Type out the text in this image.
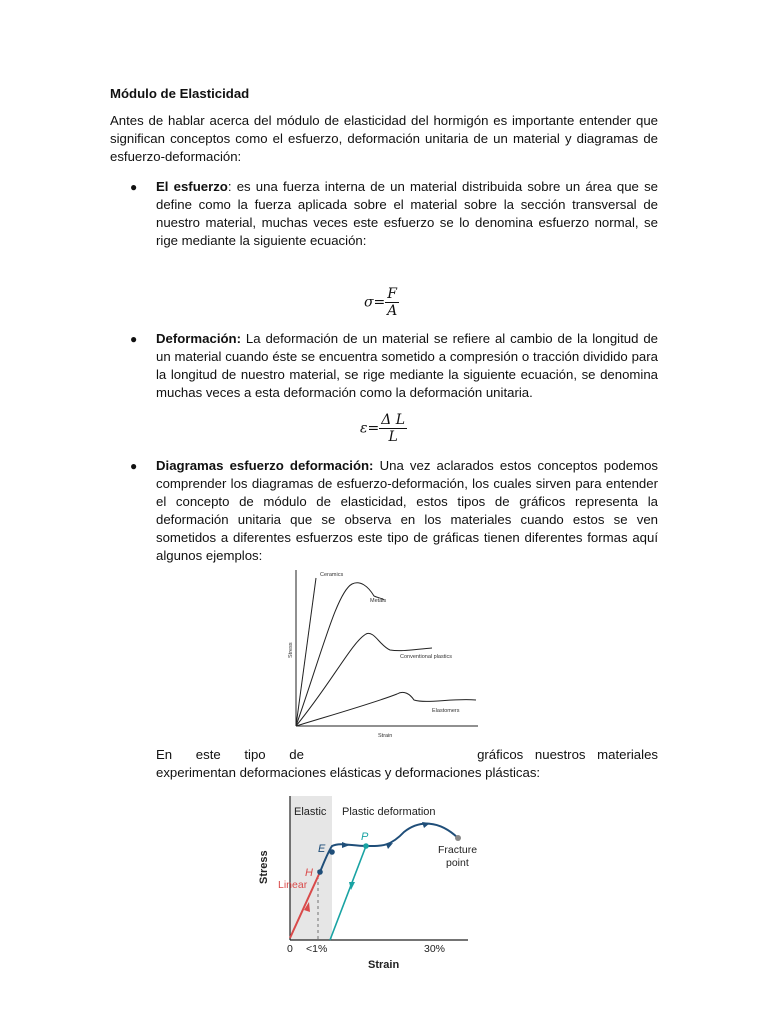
Módulo de Elasticidad
Antes de hablar acerca del módulo de elasticidad del hormigón es importante entender que significan conceptos como el esfuerzo, deformación unitaria de un material y diagramas de esfuerzo-deformación:
● El esfuerzo: es una fuerza interna de un material distribuida sobre un área que se define como la fuerza aplicada sobre el material sobre la sección transversal de nuestro material, muchas veces este esfuerzo se lo denomina esfuerzo normal, se rige mediante la siguiente ecuación:
$\sigma= \frac{F}{A}$
● Deformación: La deformación de un material se refiere al cambio de la longitud de un material cuando éste se encuentra sometido a compresión o tracción dividido para la longitud de nuestro material, se rige mediante la siguiente ecuación, se denomina muchas veces a esta deformación como la deformación unitaria.
$\varepsilon= \frac{\text{Δ L}}{L}$
● Diagramas esfuerzo deformación: Una vez aclarados estos conceptos podemos comprender los diagramas de esfuerzo-deformación, los cuales sirven para entender el concepto de módulo de elasticidad, estos tipos de gráficos representa la deformación unitaria que se observa en los materiales cuando estos se ven sometidos a diferentes esfuerzos este tipo de gráficas tienen diferentes formas aquí algunos ejemplos:
Ceramics
Metals
Conventional plastics
Elastomers
Strain
Stress
En este tipo de	gráficos nuestros materiales
experimentan deformaciones elásticas y deformaciones plásticas:
Elastic Plastic deformation
H
E
P
Linear
Fracture
point
Stress
0 <1%	30%
Strain
